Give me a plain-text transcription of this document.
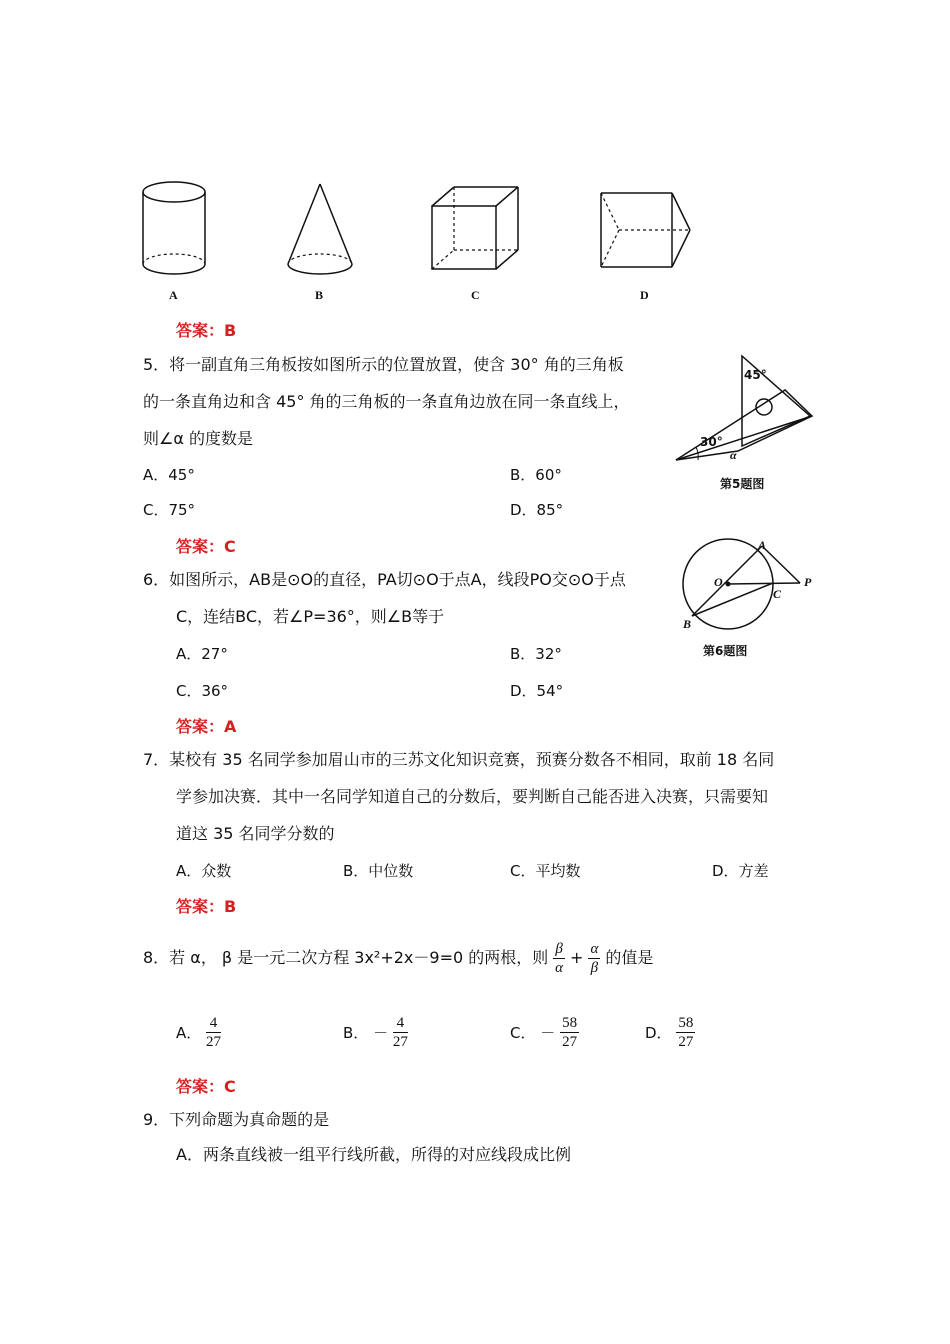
A	B	C	D
答案：B
5．将一副直角三角板按如图所示的位置放置，使含 30° 角的三角板
的一条直角边和含 45° 角的三角板的一条直角边放在同一条直线上，
则∠α 的度数是
A．45°	B．60°
C．75°	D．85°
45°
30°
α
第5题图
答案：C
6．如图所示，AB是⊙O的直径，PA切⊙O于点A，线段PO交⊙O于点
C，连结BC，若∠P=36°，则∠B等于
A．27°	B．32°
C．36°	D．54°
A
O	P
C
B
第6题图
答案：A
7．某校有 35 名同学参加眉山市的三苏文化知识竞赛，预赛分数各不相同，取前 18 名同
学参加决赛．其中一名同学知道自己的分数后，要判断自己能否进入决赛，只需要知
道这 35 名同学分数的
A．众数	B．中位数	C．平均数	D．方差
答案：B
8．若 α， β 是一元二次方程 3x²+2x－9=0 的两根，则 $\frac{\beta}{\alpha} + \frac{\alpha}{\beta}$ 的值是
A． $\frac{4}{27}$	B． － $\frac{4}{27}$	C． － $\frac{58}{27}$	D． $\frac{58}{27}$
答案：C
9．下列命题为真命题的是
A．两条直线被一组平行线所截，所得的对应线段成比例
